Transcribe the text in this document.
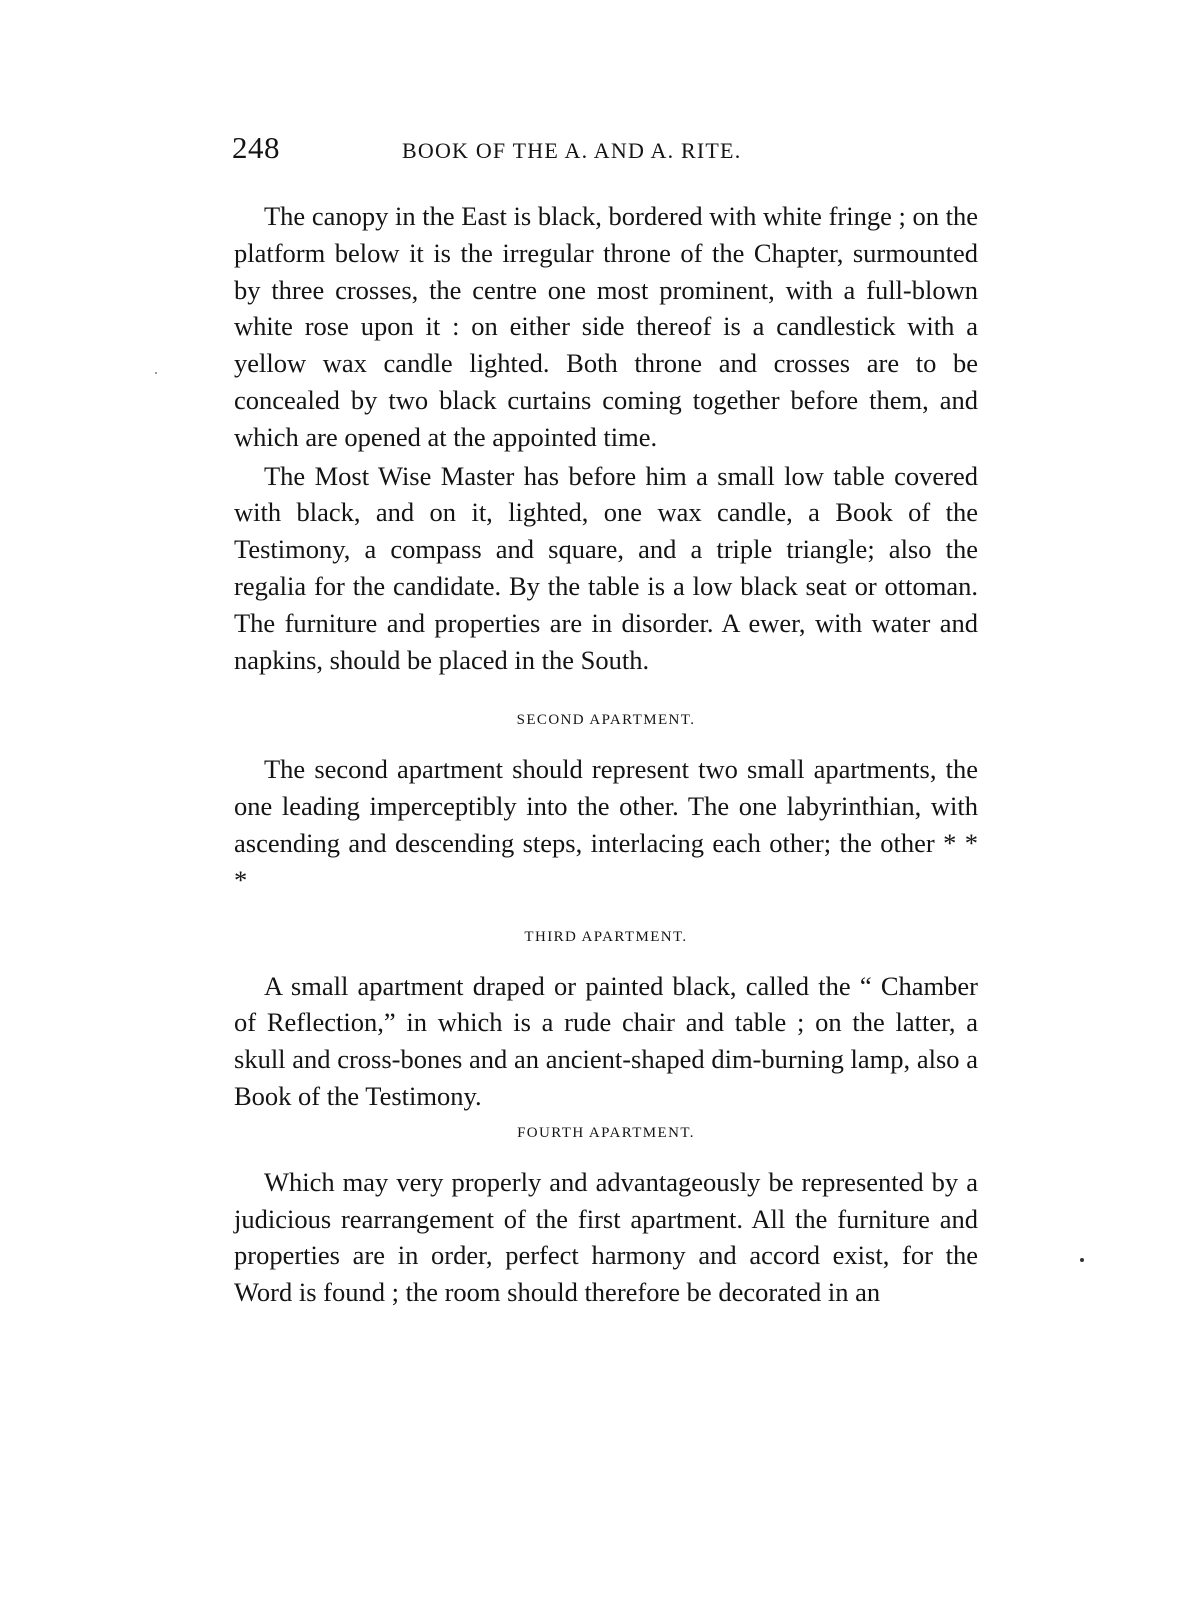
248	BOOK OF THE A. AND A. RITE.

The canopy in the East is black, bordered with white fringe ; on the platform below it is the irregular throne of the Chapter, surmounted by three crosses, the centre one most prominent, with a full-blown white rose upon it : on either side thereof is a candlestick with a yellow wax candle lighted. Both throne and crosses are to be concealed by two black curtains coming together before them, and which are opened at the appointed time.

The Most Wise Master has before him a small low table covered with black, and on it, lighted, one wax candle, a Book of the Testimony, a compass and square, and a triple triangle; also the regalia for the candidate. By the table is a low black seat or ottoman. The furniture and properties are in disorder. A ewer, with water and napkins, should be placed in the South.

SECOND APARTMENT.

The second apartment should represent two small apartments, the one leading imperceptibly into the other. The one labyrinthian, with ascending and descending steps, interlacing each other; the other * * *

THIRD APARTMENT.

A small apartment draped or painted black, called the “ Chamber of Reflection,” in which is a rude chair and table ; on the latter, a skull and cross-bones and an ancient-shaped dim-burning lamp, also a Book of the Testimony.

FOURTH APARTMENT.

Which may very properly and advantageously be represented by a judicious rearrangement of the first apartment. All the furniture and properties are in order, perfect harmony and accord exist, for the Word is found ; the room should therefore be decorated in an
